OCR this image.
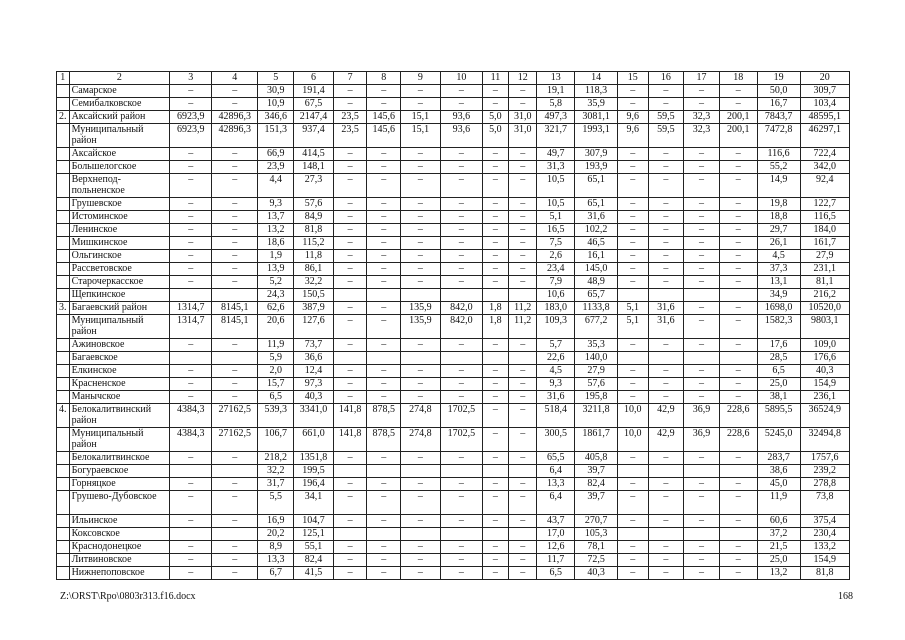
1	2	3	4	5	6	7	8	9	10	11	12	13	14	15	16	17	18	19	20
	Самарское	–	–	30,9	191,4	–	–	–	–	–	–	19,1	118,3	–	–	–	–	50,0	309,7
	Семибалковское	–	–	10,9	67,5	–	–	–	–	–	–	5,8	35,9	–	–	–	–	16,7	103,4
2.	Аксайский район	6923,9	42896,3	346,6	2147,4	23,5	145,6	15,1	93,6	5,0	31,0	497,3	3081,1	9,6	59,5	32,3	200,1	7843,7	48595,1
	Муниципальный район	6923,9	42896,3	151,3	937,4	23,5	145,6	15,1	93,6	5,0	31,0	321,7	1993,1	9,6	59,5	32,3	200,1	7472,8	46297,1
	Аксайское	–	–	66,9	414,5	–	–	–	–	–	–	49,7	307,9	–	–	–	–	116,6	722,4
	Большелогское	–	–	23,9	148,1	–	–	–	–	–	–	31,3	193,9	–	–	–	–	55,2	342,0
	Верхнепод-польненское	–	–	4,4	27,3	–	–	–	–	–	–	10,5	65,1	–	–	–	–	14,9	92,4
	Грушевское	–	–	9,3	57,6	–	–	–	–	–	–	10,5	65,1	–	–	–	–	19,8	122,7
	Истоминское	–	–	13,7	84,9	–	–	–	–	–	–	5,1	31,6	–	–	–	–	18,8	116,5
	Ленинское	–	–	13,2	81,8	–	–	–	–	–	–	16,5	102,2	–	–	–	–	29,7	184,0
	Мишкинское	–	–	18,6	115,2	–	–	–	–	–	–	7,5	46,5	–	–	–	–	26,1	161,7
	Ольгинское	–	–	1,9	11,8	–	–	–	–	–	–	2,6	16,1	–	–	–	–	4,5	27,9
	Рассветовское	–	–	13,9	86,1	–	–	–	–	–	–	23,4	145,0	–	–	–	–	37,3	231,1
	Старочеркасское	–	–	5,2	32,2	–	–	–	–	–	–	7,9	48,9	–	–	–	–	13,1	81,1
	Щепкинское			24,3	150,5							10,6	65,7					34,9	216,2
3.	Багаевский район	1314,7	8145,1	62,6	387,9	–	–	135,9	842,0	1,8	11,2	183,0	1133,8	5,1	31,6	–	–	1698,0	10520,0
	Муниципальный район	1314,7	8145,1	20,6	127,6	–	–	135,9	842,0	1,8	11,2	109,3	677,2	5,1	31,6	–	–	1582,3	9803,1
	Ажиновское	–	–	11,9	73,7	–	–	–	–	–	–	5,7	35,3	–	–	–	–	17,6	109,0
	Багаевское			5,9	36,6							22,6	140,0					28,5	176,6
	Елкинское	–	–	2,0	12,4	–	–	–	–	–	–	4,5	27,9	–	–	–	–	6,5	40,3
	Красненское	–	–	15,7	97,3	–	–	–	–	–	–	9,3	57,6	–	–	–	–	25,0	154,9
	Манычское	–	–	6,5	40,3	–	–	–	–	–	–	31,6	195,8	–	–	–	–	38,1	236,1
4.	Белокалитвинский район	4384,3	27162,5	539,3	3341,0	141,8	878,5	274,8	1702,5	–	–	518,4	3211,8	10,0	42,9	36,9	228,6	5895,5	36524,9
	Муниципальный район	4384,3	27162,5	106,7	661,0	141,8	878,5	274,8	1702,5	–	–	300,5	1861,7	10,0	42,9	36,9	228,6	5245,0	32494,8
	Белокалитвинское	–	–	218,2	1351,8	–	–	–	–	–	–	65,5	405,8	–	–	–	–	283,7	1757,6
	Богураевское			32,2	199,5							6,4	39,7					38,6	239,2
	Горняцкое	–	–	31,7	196,4	–	–	–	–	–	–	13,3	82,4	–	–	–	–	45,0	278,8
	Грушево-Дубовское	–	–	5,5	34,1	–	–	–	–	–	–	6,4	39,7	–	–	–	–	11,9	73,8
	Ильинское	–	–	16,9	104,7	–	–	–	–	–	–	43,7	270,7	–	–	–	–	60,6	375,4
	Коксовское			20,2	125,1							17,0	105,3					37,2	230,4
	Краснодонецкое	–	–	8,9	55,1	–	–	–	–	–	–	12,6	78,1	–	–	–	–	21,5	133,2
	Литвиновское	–	–	13,3	82,4	–	–	–	–	–	–	11,7	72,5	–	–	–	–	25,0	154,9
	Нижнепоповское	–	–	6,7	41,5	–	–	–	–	–	–	6,5	40,3	–	–	–	–	13,2	81,8
Z:\ORST\Rpo\0803r313.f16.docx	168
